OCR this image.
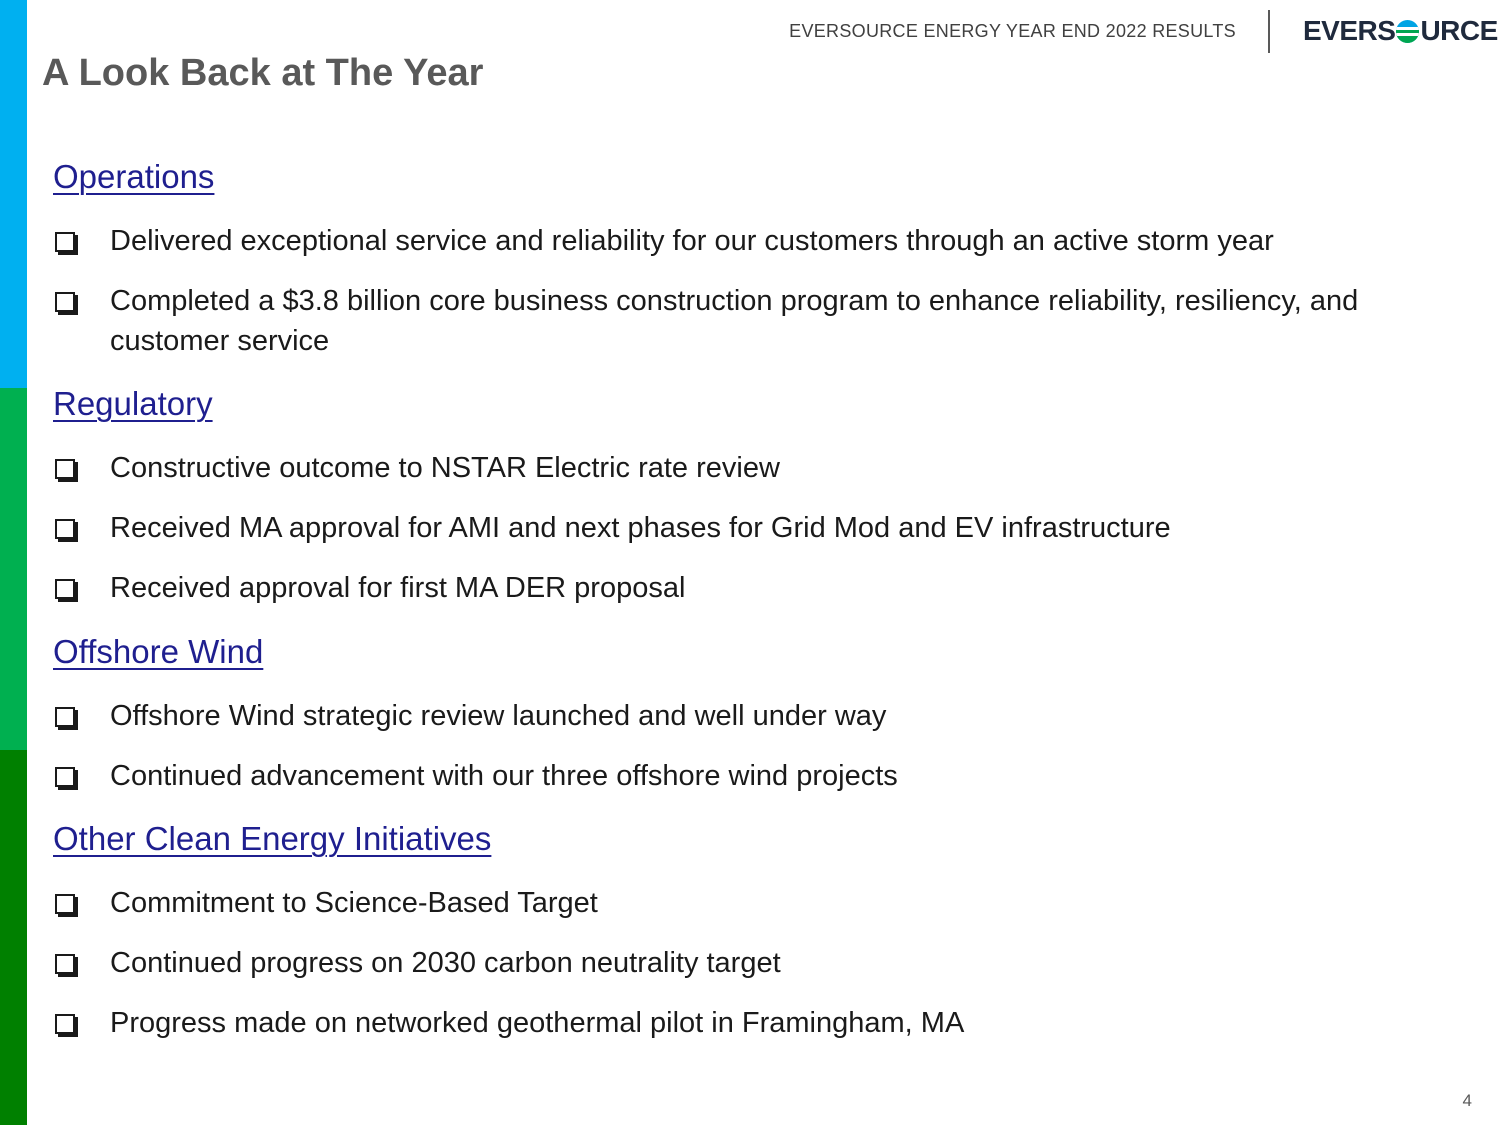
EVERSOURCE ENERGY YEAR END 2022 RESULTS EVERS URCE
A Look Back at The Year
Operations
Delivered exceptional service and reliability for our customers through an active storm year
Completed a $3.8 billion core business construction program to enhance reliability, resiliency, and customer service
Regulatory
Constructive outcome to NSTAR Electric rate review
Received MA approval for AMI and next phases for Grid Mod and EV infrastructure
Received approval for first MA DER proposal
Offshore Wind
Offshore Wind strategic review launched and well under way
Continued advancement with our three offshore wind projects
Other Clean Energy Initiatives
Commitment to Science-Based Target
Continued progress on 2030 carbon neutrality target
Progress made on networked geothermal pilot in Framingham, MA
4
